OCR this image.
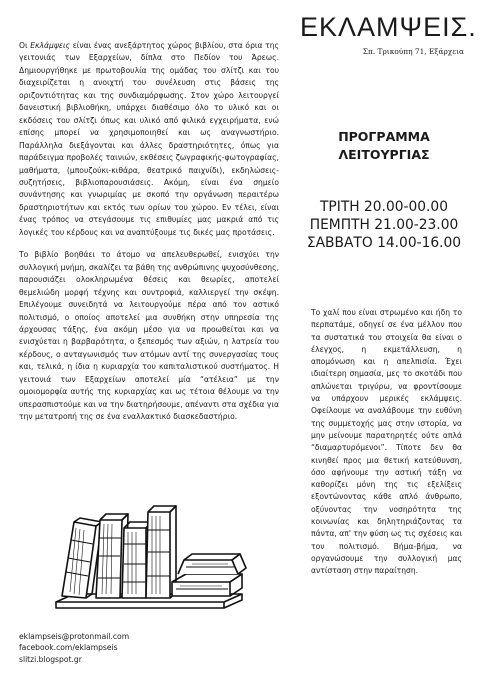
ΕΚΛΑΜΨΕΙΣ.
Σπ. Τρικούπη 71, Εξάρχεια

Οι Εκλάμψεις είναι ένας ανεξάρτητος χώρος βιβλίου, στα όρια της γειτονιάς των Εξαρχείων, δίπλα στο Πεδίον του Άρεως. Δημιουργήθηκε με πρωτοβουλία της ομάδας του σλίτζι και του διαχειρίζεται η ανοιχτή του συνέλευση στις βάσεις της οριζοντιότητας και της συνδιαμόρφωσης. Στον χώρο λειτουργεί δανειστική βιβλιοθήκη, υπάρχει διαθέσιμο όλο το υλικό και οι εκδόσεις του σλίτζι όπως και υλικό από φιλικά εγχειρήματα, ενώ επίσης μπορεί να χρησιμοποιηθεί και ως αναγνωστήριο. Παράλληλα διεξάγονται και άλλες δραστηριότητες, όπως για παράδειγμα προβολές ταινιών, εκθέσεις ζωγραφικής-φωτογραφίας, μαθήματα, (μπουζούκι-κιθάρα, θεατρικό παιχνίδι), εκδηλώσεις-συζητήσεις, βιβλιοπαρουσιάσεις. Ακόμη, είναι ένα σημείο συνάντησης και γνωριμίας με σκοπό την οργάνωση περαιτέρω δραστηριοτήτων και εκτός των ορίων του χώρου. Εν τέλει, είναι ένας τρόπος να στεγάσουμε τις επιθυμίες μας μακριά από τις λογικές του κέρδους και να αναπτύξουμε τις δικές μας προτάσεις.

Το βιβλίο βοηθάει το άτομο να απελευθερωθεί, ενισχύει την συλλογική μνήμη, σκαλίζει τα βάθη της ανθρώπινης ψυχοσύνθεσης, παρουσιάζει ολοκληρωμένα θέσεις και θεωρίες, αποτελεί θεμελιώδη μορφή τέχνης και συντροφιά, καλλιεργεί την σκέψη. Επιλέγουμε συνειδητά να λειτουργούμε πέρα από τον αστικό πολιτισμό, ο οποίος αποτελεί μια συνθήκη στην υπηρεσία της άρχουσας τάξης, ένα ακόμη μέσο για να προωθείται και να ενισχύεται η βαρβαρότητα, ο ξεπεσμός των αξιών, η λατρεία του κέρδους, ο ανταγωνισμός των ατόμων αντί της συνεργασίας τους και, τελικά, η ίδια η κυριαρχία του καπιταλιστικού συστήματος. Η γειτονιά των Εξαρχείων αποτελεί μία “ατέλεια” με την ομοιομορφία αυτής της κυριαρχίας και ως τέτοια θέλουμε να την υπερασπιστούμε και να την διατηρήσουμε, απέναντι στα σχέδια για την μετατροπή της σε ένα εναλλακτικό διασκεδαστήριο.

eklampseis@protonmail.com
facebook.com/eklampseis
slitzi.blogspot.gr
ΠΡΟΓΡΑΜΜΑ
ΛΕΙΤΟΥΡΓΙΑΣ
ΤΡΙΤΗ 20.00-00.00
ΠΕΜΠΤΗ 21.00-23.00
ΣΑΒΒΑΤΟ 14.00-16.00
Το χαλί που είναι στρωμένο και ήδη το περπατάμε, οδηγεί σε ένα μέλλον που τα συστατικά του στοιχεία θα είναι ο έλεγχος, η εκμετάλλευση, η απομόνωση και η απελπισία. Έχει ιδιαίτερη σημασία, μες το σκοτάδι που απλώνεται τριγύρω, να φροντίσουμε να υπάρχουν μερικές εκλάμψεις. Οφείλουμε να αναλάβουμε την ευθύνη της συμμετοχής μας στην ιστορία, να μην μείνουμε παρατηρητές ούτε απλά “διαμαρτυρόμενοι”. Τίποτε δεν θα κινηθεί προς μια θετική κατεύθυνση, όσο αφήνουμε την αστική τάξη να καθορίζει μόνη της τις εξελίξεις εξοντώνοντας κάθε απλό άνθρωπο, οξύνοντας την νοσηρότητα της κοινωνίας και δηλητηριάζοντας τα πάντα, απ' την φύση ως τις σχέσεις και τον πολιτισμό. Βήμα-βήμα, να οργανώσουμε την συλλογική μας αντίσταση στην παραίτηση.
